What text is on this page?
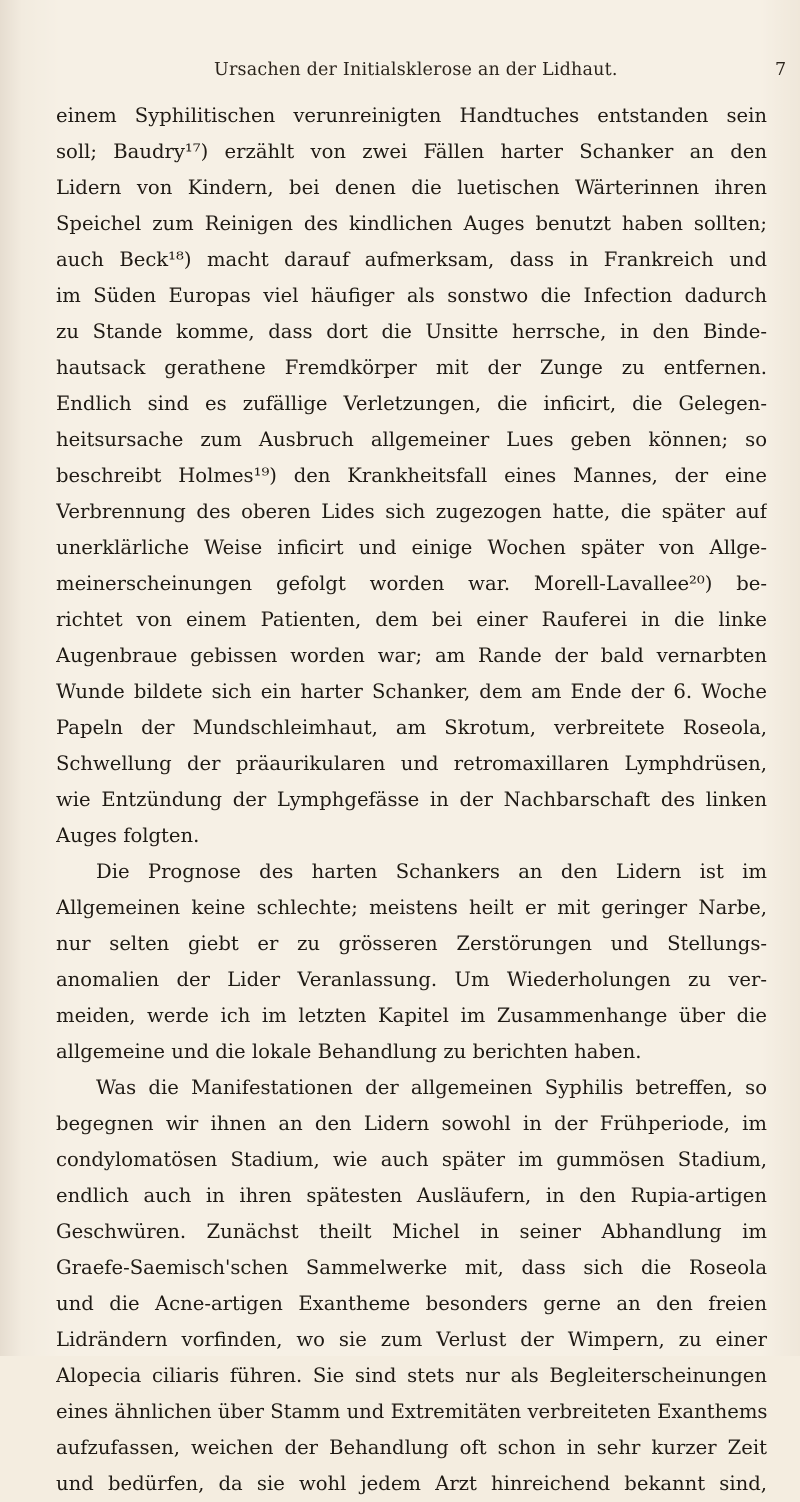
Ursachen der Initialsklerose an der Lidhaut.	7
einem Syphilitischen verunreinigten Handtuches entstanden sein
soll; Baudry¹⁷) erzählt von zwei Fällen harter Schanker an den
Lidern von Kindern, bei denen die luetischen Wärterinnen ihren
Speichel zum Reinigen des kindlichen Auges benutzt haben sollten;
auch Beck¹⁸) macht darauf aufmerksam, dass in Frankreich und
im Süden Europas viel häufiger als sonstwo die Infection dadurch
zu Stande komme, dass dort die Unsitte herrsche, in den Binde-
hautsack gerathene Fremdkörper mit der Zunge zu entfernen.
Endlich sind es zufällige Verletzungen, die inficirt, die Gelegen-
heitsursache zum Ausbruch allgemeiner Lues geben können; so
beschreibt Holmes¹⁹) den Krankheitsfall eines Mannes, der eine
Verbrennung des oberen Lides sich zugezogen hatte, die später auf
unerklärliche Weise inficirt und einige Wochen später von Allge-
meinerscheinungen gefolgt worden war. Morell-Lavallee²⁰) be-
richtet von einem Patienten, dem bei einer Rauferei in die linke
Augenbraue gebissen worden war; am Rande der bald vernarbten
Wunde bildete sich ein harter Schanker, dem am Ende der 6. Woche
Papeln der Mundschleimhaut, am Skrotum, verbreitete Roseola,
Schwellung der präaurikularen und retromaxillaren Lymphdrüsen,
wie Entzündung der Lymphgefässe in der Nachbarschaft des linken
Auges folgten.
Die Prognose des harten Schankers an den Lidern ist im
Allgemeinen keine schlechte; meistens heilt er mit geringer Narbe,
nur selten giebt er zu grösseren Zerstörungen und Stellungs-
anomalien der Lider Veranlassung. Um Wiederholungen zu ver-
meiden, werde ich im letzten Kapitel im Zusammenhange über die
allgemeine und die lokale Behandlung zu berichten haben.
Was die Manifestationen der allgemeinen Syphilis betreffen, so
begegnen wir ihnen an den Lidern sowohl in der Frühperiode, im
condylomatösen Stadium, wie auch später im gummösen Stadium,
endlich auch in ihren spätesten Ausläufern, in den Rupia-artigen
Geschwüren. Zunächst theilt Michel in seiner Abhandlung im
Graefe-Saemisch'schen Sammelwerke mit, dass sich die Roseola
und die Acne-artigen Exantheme besonders gerne an den freien
Lidrändern vorfinden, wo sie zum Verlust der Wimpern, zu einer
Alopecia ciliaris führen. Sie sind stets nur als Begleiterscheinungen
eines ähnlichen über Stamm und Extremitäten verbreiteten Exanthems
aufzufassen, weichen der Behandlung oft schon in sehr kurzer Zeit
und bedürfen, da sie wohl jedem Arzt hinreichend bekannt sind,
